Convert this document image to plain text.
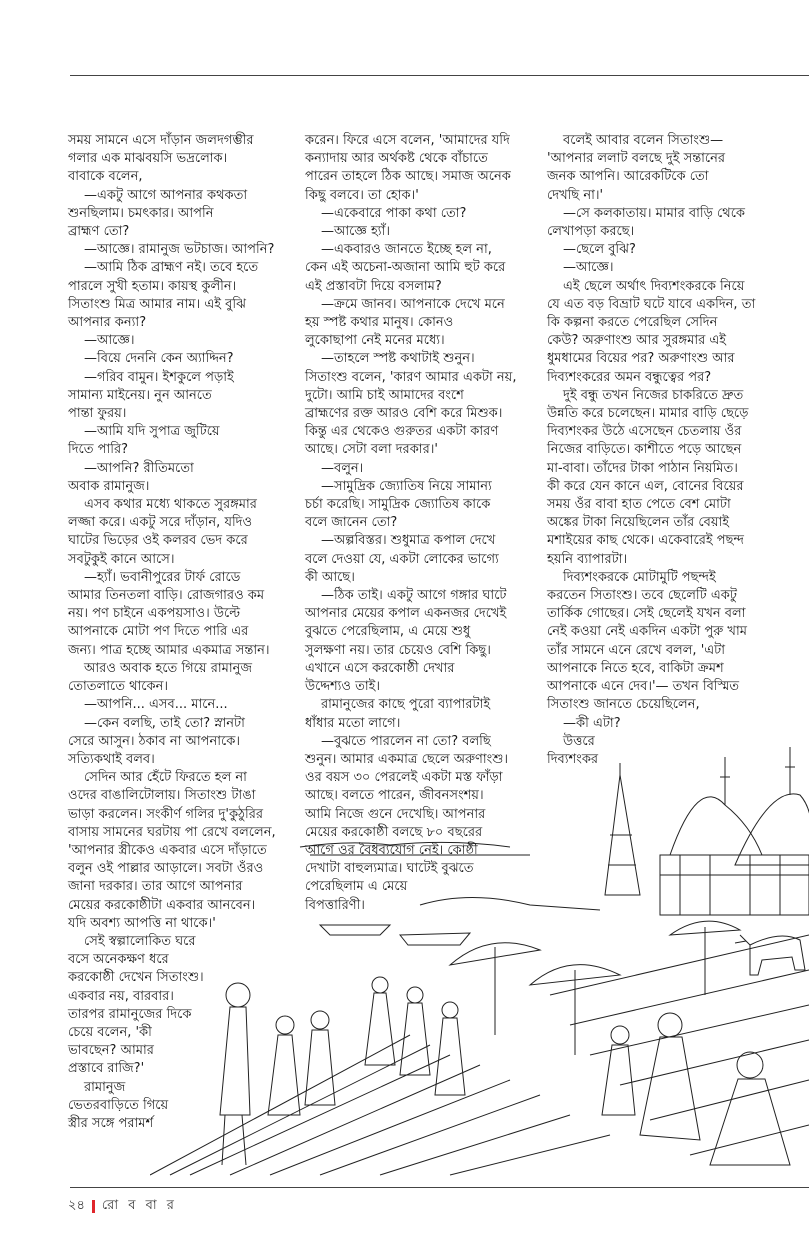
সময় সামনে এসে দাঁড়ান জলদগম্ভীর
গলার এক মাঝবয়সি ভদ্রলোক।
বাবাকে বলেন,
—একটু আগে আপনার কথকতা
শুনছিলাম। চমৎকার। আপনি
ব্রাহ্মণ তো?
—আজ্ঞে। রামানুজ ভটচাজ। আপনি?
—আমি ঠিক ব্রাহ্মণ নই। তবে হতে
পারলে সুখী হতাম। কায়স্থ কুলীন।
সিতাংশু মিত্র আমার নাম। এই বুঝি
আপনার কন্যা?
—আজ্ঞে।
—বিয়ে দেননি কেন অ্যাদ্দিন?
—গরিব বামুন। ইশকুলে পড়াই
সামান্য মাইনেয়। নুন আনতে
পান্তা ফুরয়।
—আমি যদি সুপাত্র জুটিয়ে
দিতে পারি?
—আপনি? রীতিমতো
অবাক রামানুজ।
এসব কথার মধ্যে থাকতে সুরঙ্গমার
লজ্জা করে। একটু সরে দাঁড়ান, যদিও
ঘাটের ভিড়ের ওই কলরব ভেদ করে
সবটুকুই কানে আসে।
—হ্যাঁ। ভবানীপুরের টার্ফ রোডে
আমার তিনতলা বাড়ি। রোজগারও কম
নয়। পণ চাইনে একপয়সাও। উল্টে
আপনাকে মোটা পণ দিতে পারি এর
জন্য। পাত্র হচ্ছে আমার একমাত্র সন্তান।
আরও অবাক হতে গিয়ে রামানুজ
তোতলাতে থাকেন।
—আপনি... এসব... মানে...
—কেন বলছি, তাই তো? স্নানটা
সেরে আসুন। ঠকাব না আপনাকে।
সত্যিকথাই বলব।
সেদিন আর হেঁটে ফিরতে হল না
ওদের বাঙালিটোলায়। সিতাংশু টাঙা
ভাড়া করলেন। সংকীর্ণ গলির দু'কুঠুরির
বাসায় সামনের ঘরটায় পা রেখে বললেন,
'আপনার স্ত্রীকেও একবার এসে দাঁড়াতে
বলুন ওই পাল্লার আড়ালে। সবটা ওঁরও
জানা দরকার। তার আগে আপনার
মেয়ের করকোষ্ঠীটা একবার আনবেন।
যদি অবশ্য আপত্তি না থাকে।'
সেই স্বল্পালোকিত ঘরে
বসে অনেকক্ষণ ধরে
করকোষ্ঠী দেখেন সিতাংশু।
একবার নয়, বারবার।
তারপর রামানুজের দিকে
চেয়ে বলেন, 'কী
ভাবছেন? আমার
প্রস্তাবে রাজি?'
রামানুজ
ভেতরবাড়িতে গিয়ে
স্ত্রীর সঙ্গে পরামর্শ
করেন। ফিরে এসে বলেন, 'আমাদের যদি
কন্যাদায় আর অর্থকষ্ট থেকে বাঁচাতে
পারেন তাহলে ঠিক আছে। সমাজ অনেক
কিছু বলবে। তা হোক।'
—একেবারে পাকা কথা তো?
—আজ্ঞে হ্যাঁ।
—একবারও জানতে ইচ্ছে হল না,
কেন এই অচেনা-অজানা আমি হুট করে
এই প্রস্তাবটা দিয়ে বসলাম?
—ক্রমে জানব। আপনাকে দেখে মনে
হয় স্পষ্ট কথার মানুষ। কোনও
লুকোছাপা নেই মনের মধ্যে।
—তাহলে স্পষ্ট কথাটাই শুনুন।
সিতাংশু বলেন, 'কারণ আমার একটা নয়,
দুটো। আমি চাই আমাদের বংশে
ব্রাহ্মণের রক্ত আরও বেশি করে মিশুক।
কিন্তু এর থেকেও গুরুতর একটা কারণ
আছে। সেটা বলা দরকার।'
—বলুন।
—সামুদ্রিক জ্যোতিষ নিয়ে সামান্য
চর্চা করেছি। সামুদ্রিক জ্যোতিষ কাকে
বলে জানেন তো?
—অল্পবিস্তর। শুধুমাত্র কপাল দেখে
বলে দেওয়া যে, একটা লোকের ভাগ্যে
কী আছে।
—ঠিক তাই। একটু আগে গঙ্গার ঘাটে
আপনার মেয়ের কপাল একনজর দেখেই
বুঝতে পেরেছিলাম, এ মেয়ে শুধু
সুলক্ষণা নয়। তার চেয়েও বেশি কিছু।
এখানে এসে করকোষ্ঠী দেখার
উদ্দেশ্যও তাই।
রামানুজের কাছে পুরো ব্যাপারটাই
ধাঁধার মতো লাগে।
—বুঝতে পারলেন না তো? বলছি
শুনুন। আমার একমাত্র ছেলে অরুণাংশু।
ওর বয়স ৩০ পেরলেই একটা মস্ত ফাঁড়া
আছে। বলতে পারেন, জীবনসংশয়।
আমি নিজে গুনে দেখেছি। আপনার
মেয়ের করকোষ্ঠী বলছে ৮০ বছরের
আগে ওর বৈধব্যযোগ নেই। কোষ্ঠী
দেখাটা বাহুল্যমাত্র। ঘাটেই বুঝতে
পেরেছিলাম এ মেয়ে
বিপত্তারিণী।
বলেই আবার বলেন সিতাংশু—
'আপনার ললাট বলছে দুই সন্তানের
জনক আপনি। আরেকটিকে তো
দেখছি না।'
—সে কলকাতায়। মামার বাড়ি থেকে
লেখাপড়া করছে।
—ছেলে বুঝি?
—আজ্ঞে।
এই ছেলে অর্থাৎ দিব্যশংকরকে নিয়ে
যে এত বড় বিভ্রাট ঘটে যাবে একদিন, তা
কি কল্পনা করতে পেরেছিল সেদিন
কেউ? অরুণাংশু আর সুরঙ্গমার এই
ধুমধামের বিয়ের পর? অরুণাংশু আর
দিব্যশংকরের অমন বন্ধুত্বের পর?
দুই বন্ধু তখন নিজের চাকরিতে দ্রুত
উন্নতি করে চলেছেন। মামার বাড়ি ছেড়ে
দিব্যশংকর উঠে এসেছেন চেতলায় ওঁর
নিজের বাড়িতে। কাশীতে পড়ে আছেন
মা-বাবা। তাঁদের টাকা পাঠান নিয়মিত।
কী করে যেন কানে এল, বোনের বিয়ের
সময় ওঁর বাবা হাত পেতে বেশ মোটা
অঙ্কের টাকা নিয়েছিলেন তাঁর বেয়াই
মশাইয়ের কাছ থেকে। একেবারেই পছন্দ
হয়নি ব্যাপারটা।
দিব্যশংকরকে মোটামুটি পছন্দই
করতেন সিতাংশু। তবে ছেলেটি একটু
তার্কিক গোছের। সেই ছেলেই যখন বলা
নেই কওয়া নেই একদিন একটা পুরু খাম
তাঁর সামনে এনে রেখে বলল, 'এটা
আপনাকে নিতে হবে, বাকিটা ক্রমশ
আপনাকে এনে দেব।'— তখন বিস্মিত
সিতাংশু জানতে চেয়েছিলেন,
—কী এটা?
উত্তরে
দিব্যশংকর
২৪ রো ব বা র
